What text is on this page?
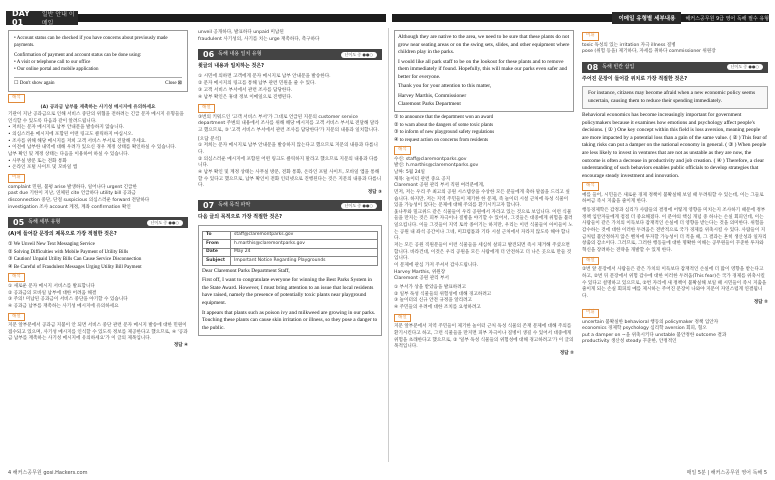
DAY 01
일반 안내 이메일
이메일 유형별 세부내용	해커스공무원 9급 영어 독해 필수 유형
• Account status can be checked if you have concerns about previously made payments.
Confirmation of payment and account status can be done using:
• A visit or telephone call to our office
• Our online portal and mobile application
☐ Don't show again	Close ⊠
해석
(A) 공과금 납부를 재촉하는 사기성 메시지에 유의하세요
기관이 지난 공과금으로 인해 서비스 중단의 위협을 전하려는 긴급 문자 메시지 유형들을 인식할 수 있도록 다음과 같이 알려드립니다.
• 저희는 문자 메시지로 납부 안내문을 발송하지 않습니다.
• 의심스러운 메시지에 포함된 어떤 링크도 클릭하지 마십시오.
• 조사를 위해 해당 메시지를 저희 고객 서비스 부서로 전달해 주세요.
• 이전에 납부한 내역에 대해 우려가 있으신 경우 계정 상태를 확인하실 수 있습니다.
납부 확인 및 계정 상태는 다음을 이용하여 하실 수 있습니다.
• 사무실 방문 또는 전화 통화
• 온라인 포털 사이트 및 모바일 앱
어휘
complaint 민원, 불평 arise 발생하다, 일어나다 urgent 긴급한
past due 기한이 지난, 연체된 cite 언급하다 utility bill 공과금
disconnection 중단, 단절 suspicious 의심스러운 forward 전달하다
investigation 조사 account 계정, 계좌 confirmation 확인
05 독해 세부 유형	난이도 중 ●●○
(A)에 들어갈 문장의 제목으로 가장 적절한 것은?
① We Unveil New Text Messaging Service
② Solving Difficulties with Mobile Payment of Utility Bills
③ Caution! Unpaid Utility Bills Can Cause Service Disconnection
④ Be Careful of Fraudulent Messages Urging Utility Bill Payment
해석
① 새로운 문자 메시지 서비스를 발표합니다
② 공과금의 모바일 납부에 대한 어려움 해결
③ 주의! 미납된 공과금이 서비스 중단을 야기할 수 있습니다
④ 공과금 납부를 재촉하는 사기성 메시지에 유의하세요
해설
지문 앞부분에서 공과금 지불이 안 되면 서비스 중단 관련 문자 메시지 발송에 대한 민원이 접수되고 있으며, 사기성 메시지를 인식할 수 있도록 정보를 제공한다고 했으므로, ④ '공과금 납부를 재촉하는 사기성 메시지에 유의하세요'가 이 글의 제목입니다.
정답 ④
unveil 공개하다, 발표하다 unpaid 미납된
fraudulent 사기성의, 사기를 치는 urge 재촉하다, 촉구하다
06 독해 내용 일치 유형	난이도 중 ●●○
윗글의 내용과 일치하는 것은?
① 시민에 의하면 고객에게 문자 메시지로 납부 안내문을 발송한다.
② 문자 메시지의 링크를 통해 납부 관련 민원을 줄 수 있다.
③ 고객 서비스 부서에서 관련 조사를 담당한다.
④ 납부 확인은 휴대 정보 이메일으로 진행된다.
해설
③번의 키워드인 '고객 서비스 부서'가 그대로 언급된 지문의 customer service department 주변의 내용에서 조사를 위해 해당 메시지를 고객 서비스 부서로 전달해 달라고 했으므로, ③ '고객 서비스 부서에서 관련 조사를 담당한다'가 지문의 내용과 일치합니다.
[오답 분석]
① 저희는 문자 메시지로 납부 안내문을 발송하지 않는다고 했으므로 지문의 내용과 다릅니다.
② 의심스러운 메시지에 포함된 어떤 링크도 클릭하지 말라고 했으므로 지문의 내용과 다릅니다.
④ 납부 확인 및 계정 상태는 사무실 방문, 전화 통화, 온라인 포털 사이트, 모바일 앱을 통해 할 수 있다고 했으므로, 납부 확인이 전화 인터넷으로 진행된다는 것은 지문의 내용과 다릅니다.
정답 ③
07 독해 목적 파악	난이도 중 ●●○
다음 글의 목적으로 가장 적절한 것은?
To	staff@claremontparks.gov
From	h.marthis@claremontparks.gov
Date	May 24
Subject	Important Notice Regarding Playgrounds
Dear Claremont Parks Department Staff,
First off, I want to congratulate everyone for winning the Best Parks System in the State Award. However, I must bring attention to an issue that local residents have raised, namely the presence of potentially toxic plants near playground equipment.
It appears that plants such as poison ivy and milkweed are growing in our parks. Touching these plants can cause skin irritation or illness, so they pose a danger to the public.
Although they are native to the area, we need to be sure that these plants do not grow near seating areas or on the swing sets, slides, and other equipment where children play in the parks.
I would like all park staff to be on the lookout for these plants and to remove them immediately if found. Hopefully, this will make our parks even safer and better for everyone.
Thank you for your attention to this matter,
Harvey Marthis, Commissioner
Claremont Parks Department
① to announce that the department won an award
② to warn about the dangers of some toxic plants
③ to inform of new playground safety regulations
④ to request action on concerns from residents
해석
수신: staff@claremontparks.gov
발신: h.marthis@claremontparks.gov
날짜: 5월 24일
제목: 놀이터 관련 중요 공지
Claremont 공원 관리 부서 직원 여러분에게,
먼저, 저는 우리 주 최고의 공원 시스템상을 수상한 모든 분들에게 축하 말씀을 드리고 싶습니다. 하지만, 저는 지역 주민들이 제기한 한 문제, 즉 놀이터 시설 근처에 독성 식물이 있을 가능성이 있다는 문제에 대해 주의를 환기시키고자 합니다.
옻나무와 밀크위드 같은 식물들이 우리 공원에서 자라고 있는 것으로 보입니다. 이런 식물들을 만지는 것은 피부 자극이나 질병을 야기할 수 있어서, 그것들은 대중에게 위험을 불러일으킵니다. 이들 그것들이 지역 토착 종이기는 하지만, 우리는 이런 식물들이 아이들이 노는 공원 내 좌석 공간이나 그네, 미끄럼틀과 기타 시설 근처에서 자라지 않도록 해야 합니다.
저는 모든 공원 직원분들이 이런 식물들을 세심히 살피고 발견되면 즉시 제거해 주셨으면 합니다. 바라건대, 이것은 우리 공원을 모든 사람에게 더 안전하고 더 나은 곳으로 만들 것입니다.
이 문제에 관심 가져 주셔서 감사드립니다.
Harvey Marthis, 위원장
Claremont 공원 관리 부서
① 부서가 상을 받았음을 발표하려고
② 일부 독성 식물들의 위험성에 대해 경고하려고
③ 놀이터의 신규 안전 규정을 알리려고
④ 주민들의 우려에 대한 조치를 요청하려고
해설
지문 앞부분에서 지역 주민들이 제기한 놀이터 근처 독성 식물의 존재 문제에 대해 주의를 환기시킨다고 하고, 그런 식물들을 만지면 피부 자극이나 질병이 생길 수 있어서 대중에게 위험을 초래한다고 했으므로, ② '일부 독성 식물들의 위험성에 대해 경고하려고'가 이 글의 목적입니다.
정답 ②
어휘
toxic 독성의 있는 irritation 자극 illness 질병
pose (위험 등을) 제기하다, 자세를 취하다 commissioner 위원장
08 독해 빈칸 삽입	난이도 중 ●●○
주어진 문장이 들어갈 위치로 가장 적절한 것은?
For instance, citizens may become afraid when a new economic policy seems uncertain, causing them to reduce their spending immediately.
Behavioral economics has become increasingly important for government policymakers because it examines how emotions and psychology affect people's decisions. ( ① ) One key concept within this field is loss aversion, meaning people are more impacted by a potential loss than a gain of the same value. ( ② ) This fear of taking risks can put a damper on the national economy in general. ( ③ ) When people are less likely to invest in ventures that are not as unstable as they are now, the outcome is often a decrease in productivity and job creation. ( ④ ) Therefore, a clear understanding of such behaviors enables public officials to develop strategies that encourage steady investment and innovation.
해석
예를 들어, 시민들은 새로운 경제 정책이 불확실해 보일 때 두려워할 수 있는데, 이는 그들로 하여금 즉시 지출을 줄이게 한다.
행동경제학은 감정과 심리가 사람들의 결정에 어떻게 영향을 미치는지 조사하기 때문에 정부 정책 입안자들에게 점점 더 중요해졌다. 이 분야의 핵심 개념 중 하나는 손실 회피인데, 이는 사람들이 같은 가치의 이득보다 잠재적인 손실에 더 영향을 받는다는 것을 의미한다. 위험을 감수하는 것에 대한 이러한 두려움은 전반적으로 국가 경제를 위축시킬 수 있다. 사람들이 지금처럼 불안정하지 않은 벤처에 투자할 가능성이 더 적을 때, 그 결과는 흔히 생산성과 일자리 창출의 감소이다. 그러므로, 그러한 행동들에 대한 명확한 이해는 공무원들이 꾸준한 투자와 혁신을 장려하는 전략을 개발할 수 있게 한다.
해설
②번 앞 문장에서 사람들은 같은 가치의 이득보다 잠재적인 손실에 더 많이 영향을 받는다고 하고, ②번 뒤 문장에서 위험 감수에 대한 이러한 두려움(This fear)은 국가 경제를 위축시킬 수 있다고 설명하고 있으므로, ②번 자리에 새 정책이 불확실해 보일 때 시민들이 즉시 지출을 줄이게 되는 손실 회피의 예를 제시하는 주어진 문장이 나와야 지문이 자연스럽게 연결됩니다.
정답 ②
어휘
uncertain 불확실한 behavioral 행동의 policymaker 정책 입안자
economics 경제학 psychology 심리학 aversion 회피, 혐오
put a damper on ~을 위축시키다 unstable 불안정한 outcome 결과
productivity 생산성 steady 꾸준한, 안정적인
4 해커스공무원 gosi.Hackers.com	매일 5분 | 해커스공무원 영어 독해 5
